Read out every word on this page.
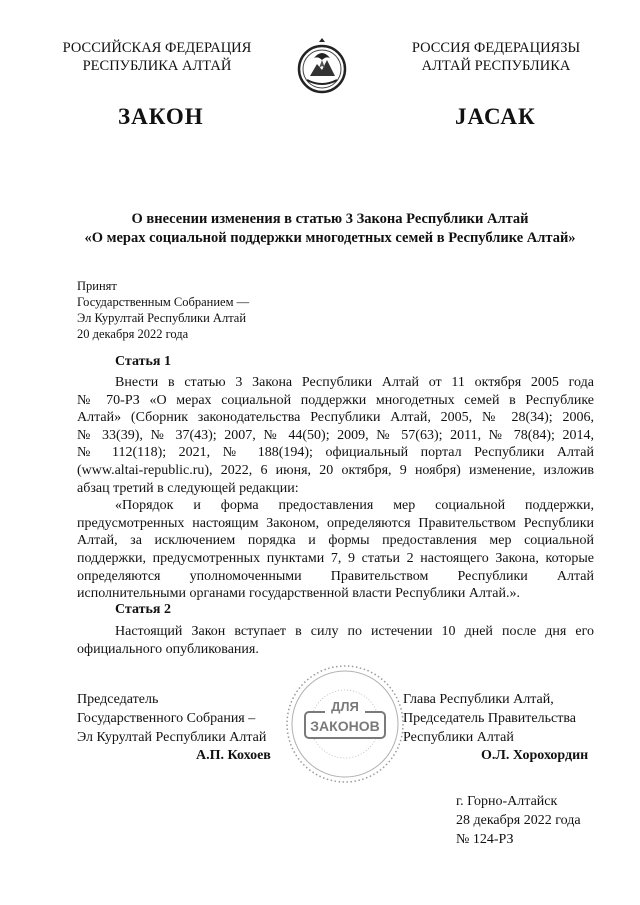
РОССИЙСКАЯ ФЕДЕРАЦИЯ
РЕСПУБЛИКА АЛТАЙ
РОССИЯ ФЕДЕРАЦИЯЗЫ
АЛТАЙ РЕСПУБЛИКА
ЗАКОН	JАСАК
О внесении изменения в статью 3 Закона Республики Алтай
«О мерах социальной поддержки многодетных семей в Республике Алтай»
Принят
Государственным Собранием —
Эл Курултай Республики Алтай
20 декабря 2022 года
Статья 1
Внести в статью 3 Закона Республики Алтай от 11 октября 2005 года
№ 70-РЗ «О мерах социальной поддержки многодетных семей в Республике
Алтай» (Сборник законодательства Республики Алтай, 2005, № 28(34); 2006,
№ 33(39), № 37(43); 2007, № 44(50); 2009, № 57(63); 2011, № 78(84); 2014,
№ 112(118); 2021, № 188(194); официальный портал Республики Алтай
(www.altai-republic.ru), 2022, 6 июня, 20 октября, 9 ноября) изменение, изложив
абзац третий в следующей редакции:
«Порядок и форма предоставления мер социальной поддержки,
предусмотренных настоящим Законом, определяются Правительством Республики
Алтай, за исключением порядка и формы предоставления мер социальной
поддержки, предусмотренных пунктами 7, 9 статьи 2 настоящего Закона, которые
определяются уполномоченными Правительством Республики Алтай
исполнительными органами государственной власти Республики Алтай.».
Статья 2
Настоящий Закон вступает в силу по истечении 10 дней после дня его
официального опубликования.
ДЛЯ
ЗАКОНОВ
Председатель
Государственного Собрания –
Эл Курултай Республики Алтай
А.П. Кохоев
Глава Республики Алтай,
Председатель Правительства
Республики Алтай
О.Л. Хорохордин
г. Горно-Алтайск
28 декабря 2022 года
№ 124-РЗ
